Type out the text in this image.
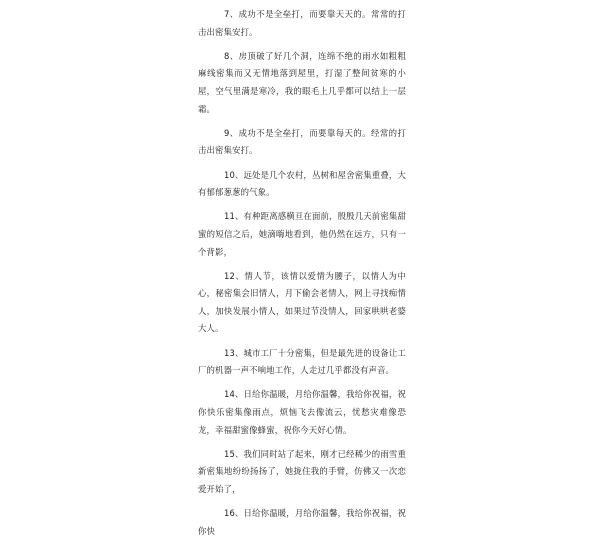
7、成功不是全垒打，而要靠天天的。常常的打击出密集安打。

8、房顶破了好几个洞，连绵不绝的雨水如粗粗麻线密集而又无情地落到屋里，打湿了整间贫寒的小屋，空气里满是寒冷，我的眼毛上几乎都可以结上一层霜。

9、成功不是全垒打，而要靠每天的。经常的打击出密集安打。

10、远处是几个农村，丛树和屋舍密集重叠，大有郁郁葱葱的气象。

11、有种距离感横亘在面前，殷殷几天前密集甜蜜的短信之后，她滴嗨地看到，他仍然在远方，只有一个背影，

12、情人节，该情以爱情为腰子，以情人为中心，秘密集会旧情人，月下偷会老情人，网上寻找痴情人，加快发展小情人，如果过节没情人，回家哄哄老婆大人。

13、城市工厂十分密集，但是最先进的设备让工厂的机器一声不响地工作，人走过几乎都没有声音。

14、日给你温暖，月给你温馨，我给你祝福，祝你快乐密集像雨点，烦恼飞去像流云，忧愁灾难像恐龙，幸福甜蜜像蜂蜜，祝你今天好心情。

15、我们同时站了起来，刚才已经稀少的雨雪重新密集地纷纷扬扬了，她拢住我的手臂，仿佛又一次恋爱开始了，

16、日给你温暖，月给你温馨，我给你祝福，祝你快
